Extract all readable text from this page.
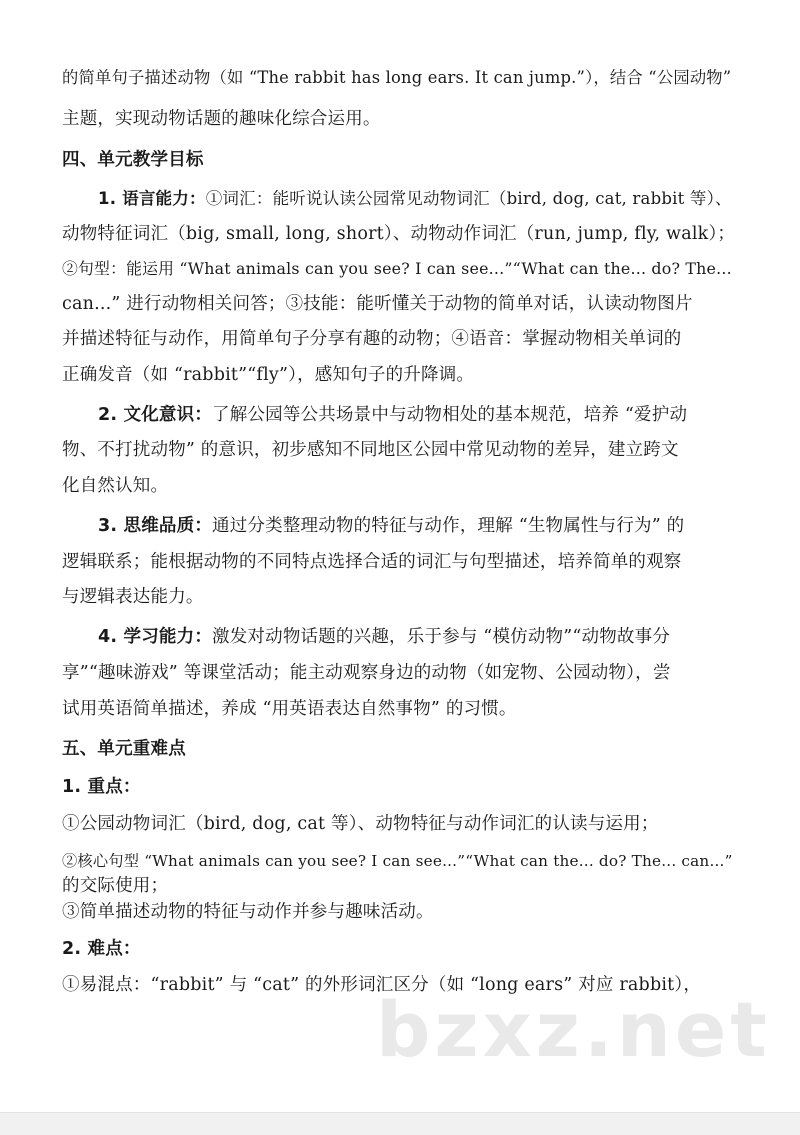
的简单句子描述动物（如 “The rabbit has long ears. It can jump.”），结合 “公园动物”
主题，实现动物话题的趣味化综合运用。
四、单元教学目标
1. 语言能力：①词汇：能听说认读公园常见动物词汇（bird, dog, cat, rabbit 等）、
动物特征词汇（big, small, long, short）、动物动作词汇（run, jump, fly, walk）；
②句型：能运用 “What animals can you see? I can see...”“What can the... do? The...
can...” 进行动物相关问答；③技能：能听懂关于动物的简单对话，认读动物图片
并描述特征与动作，用简单句子分享有趣的动物；④语音：掌握动物相关单词的
正确发音（如 “rabbit”“fly”），感知句子的升降调。
2. 文化意识：了解公园等公共场景中与动物相处的基本规范，培养 “爱护动
物、不打扰动物” 的意识，初步感知不同地区公园中常见动物的差异，建立跨文
化自然认知。
3. 思维品质：通过分类整理动物的特征与动作，理解 “生物属性与行为” 的
逻辑联系；能根据动物的不同特点选择合适的词汇与句型描述，培养简单的观察
与逻辑表达能力。
4. 学习能力：激发对动物话题的兴趣，乐于参与 “模仿动物”“动物故事分
享”“趣味游戏” 等课堂活动；能主动观察身边的动物（如宠物、公园动物），尝
试用英语简单描述，养成 “用英语表达自然事物” 的习惯。
五、单元重难点
1. 重点：
①公园动物词汇（bird, dog, cat 等）、动物特征与动作词汇的认读与运用；
②核心句型 “What animals can you see? I can see...”“What can the... do? The... can...”
的交际使用；
③简单描述动物的特征与动作并参与趣味活动。
2. 难点：
①易混点：“rabbit” 与 “cat” 的外形词汇区分（如 “long ears” 对应 rabbit），
bzxz.net
